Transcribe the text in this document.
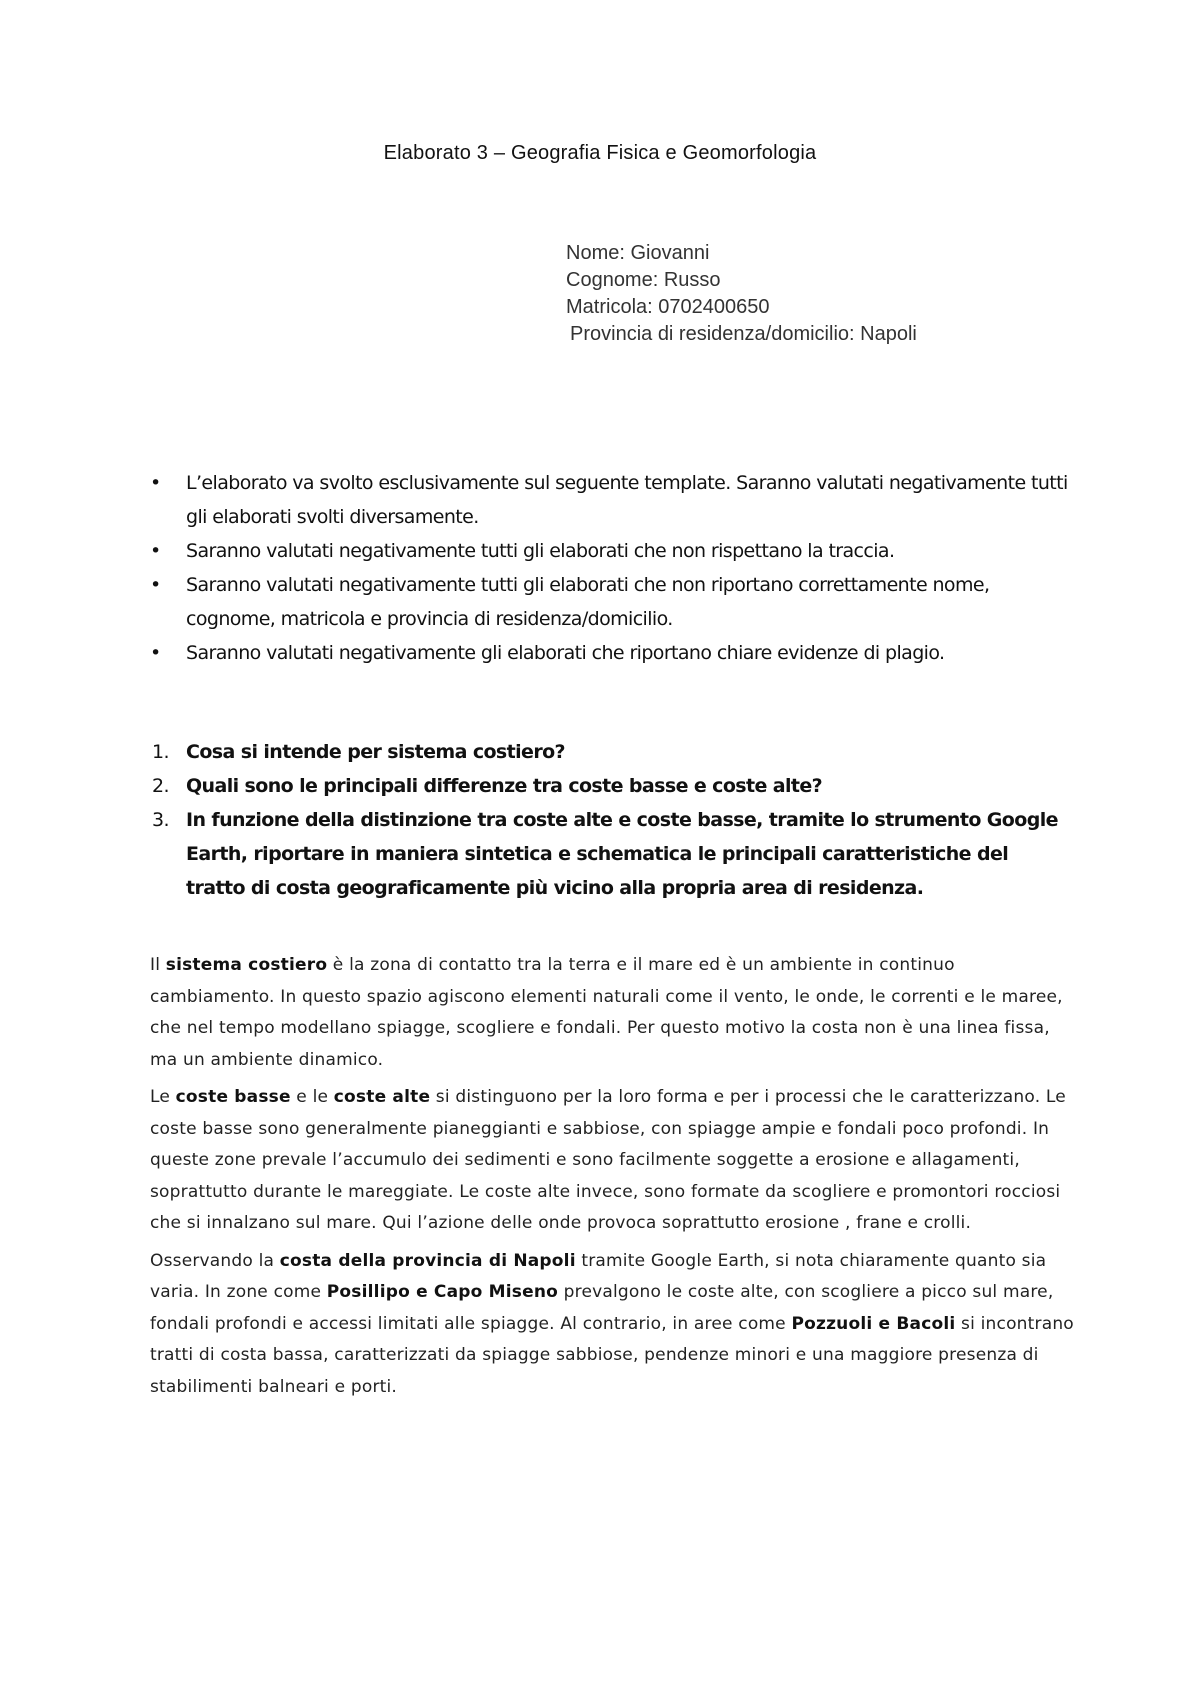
Elaborato 3 – Geografia Fisica e Geomorfologia
Nome: Giovanni
Cognome: Russo
Matricola: 0702400650
Provincia di residenza/domicilio: Napoli
• L’elaborato va svolto esclusivamente sul seguente template. Saranno valutati negativamente tutti gli elaborati svolti diversamente.
• Saranno valutati negativamente tutti gli elaborati che non rispettano la traccia.
• Saranno valutati negativamente tutti gli elaborati che non riportano correttamente nome, cognome, matricola e provincia di residenza/domicilio.
• Saranno valutati negativamente gli elaborati che riportano chiare evidenze di plagio.
1. Cosa si intende per sistema costiero?
2. Quali sono le principali differenze tra coste basse e coste alte?
3. In funzione della distinzione tra coste alte e coste basse, tramite lo strumento Google Earth, riportare in maniera sintetica e schematica le principali caratteristiche del tratto di costa geograficamente più vicino alla propria area di residenza.

Il sistema costiero è la zona di contatto tra la terra e il mare ed è un ambiente in continuo cambiamento. In questo spazio agiscono elementi naturali come il vento, le onde, le correnti e le maree, che nel tempo modellano spiagge, scogliere e fondali. Per questo motivo la costa non è una linea fissa, ma un ambiente dinamico.

Le coste basse e le coste alte si distinguono per la loro forma e per i processi che le caratterizzano. Le coste basse sono generalmente pianeggianti e sabbiose, con spiagge ampie e fondali poco profondi. In queste zone prevale l’accumulo dei sedimenti e sono facilmente soggette a erosione e allagamenti, soprattutto durante le mareggiate. Le coste alte invece, sono formate da scogliere e promontori rocciosi che si innalzano sul mare. Qui l’azione delle onde provoca soprattutto erosione , frane e crolli.

Osservando la costa della provincia di Napoli tramite Google Earth, si nota chiaramente quanto sia varia. In zone come Posillipo e Capo Miseno prevalgono le coste alte, con scogliere a picco sul mare, fondali profondi e accessi limitati alle spiagge. Al contrario, in aree come Pozzuoli e Bacoli si incontrano tratti di costa bassa, caratterizzati da spiagge sabbiose, pendenze minori e una maggiore presenza di stabilimenti balneari e porti.
